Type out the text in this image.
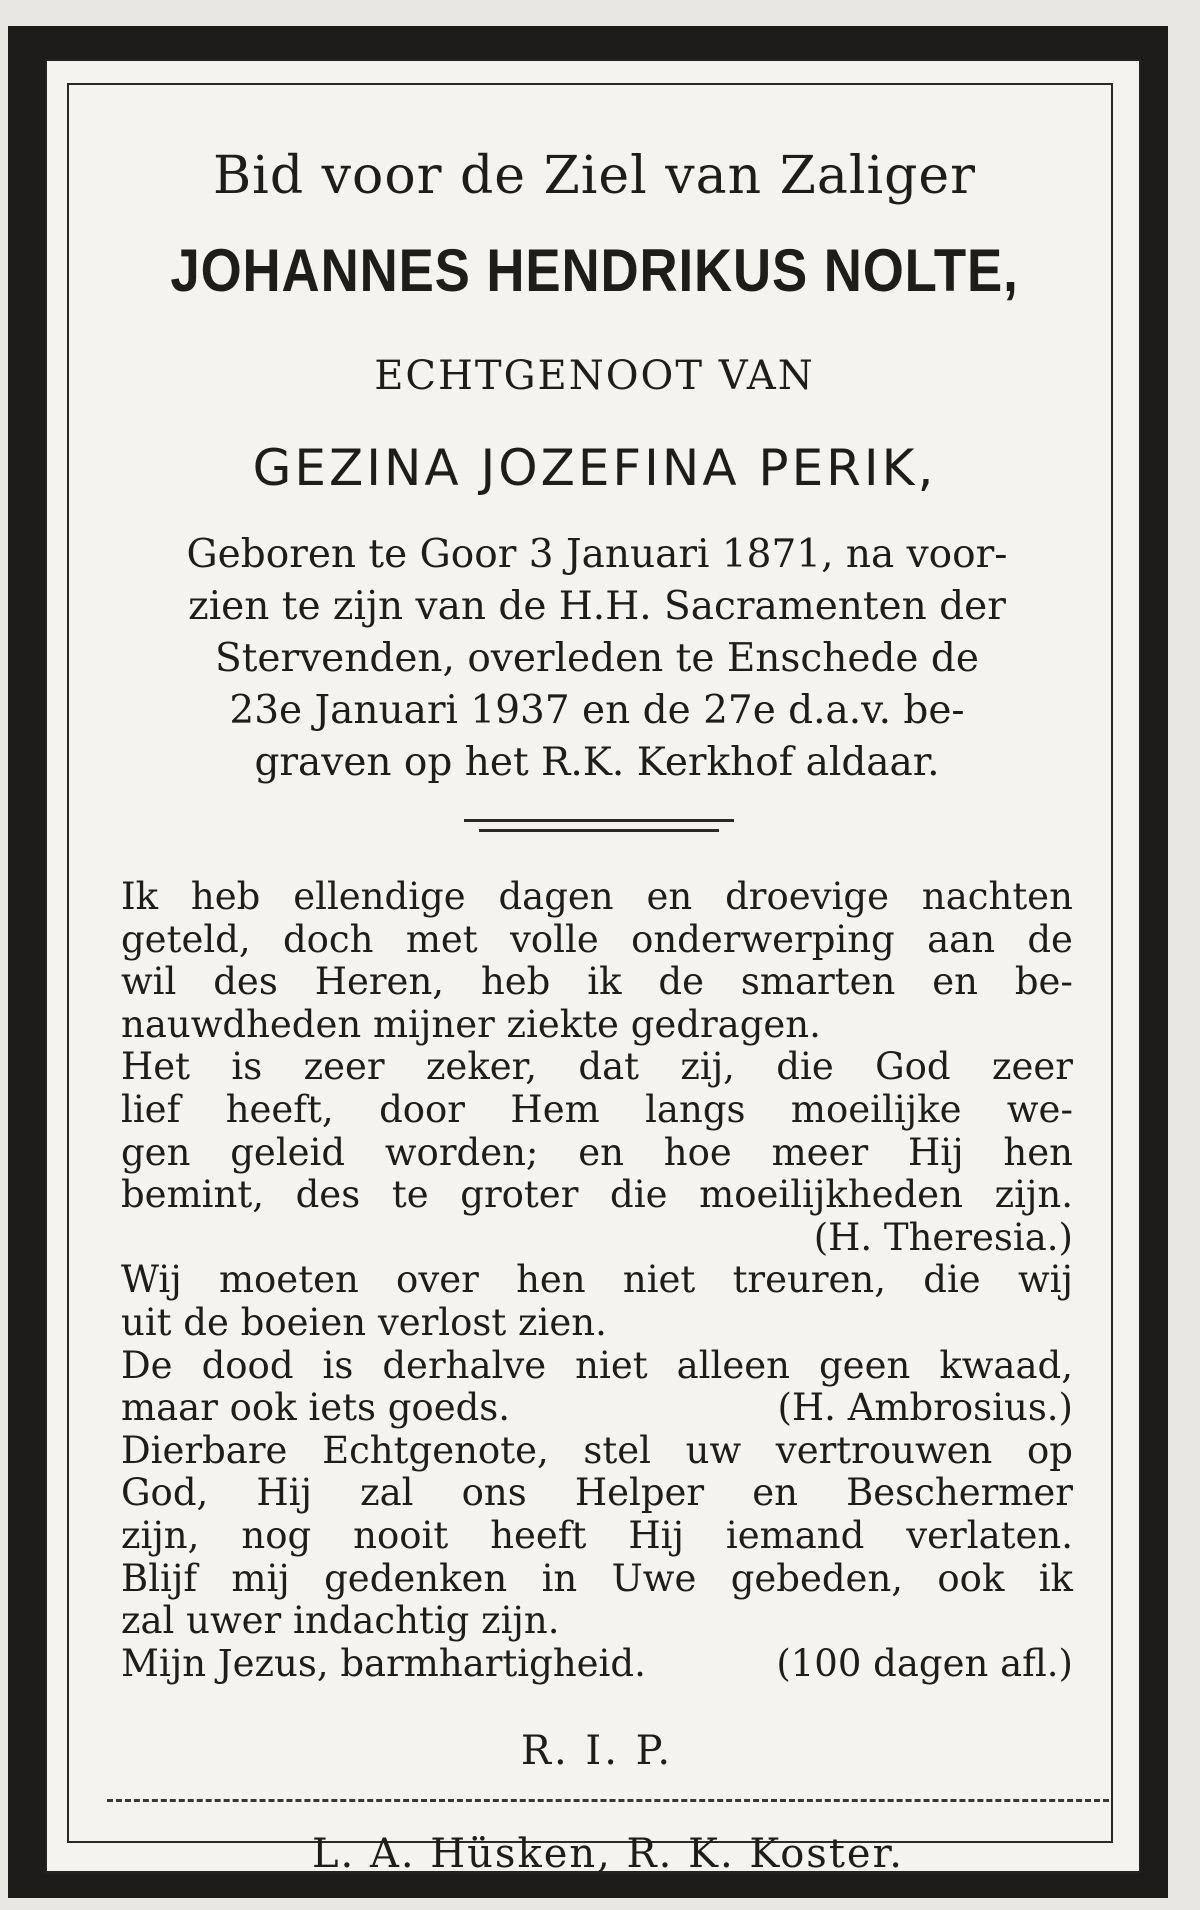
Bid voor de Ziel van Zaliger
JOHANNES HENDRIKUS NOLTE,
ECHTGENOOT VAN
GEZINA JOZEFINA PERIK,
Geboren te Goor 3 Januari 1871, na voor-
zien te zijn van de H.H. Sacramenten der
Stervenden, overleden te Enschede de
23e Januari 1937 en de 27e d.a.v. be-
graven op het R.K. Kerkhof aldaar.
Ik heb ellendige dagen en droevige nachten
geteld, doch met volle onderwerping aan de
wil des Heren, heb ik de smarten en be-
nauwdheden mijner ziekte gedragen.
Het is zeer zeker, dat zij, die God zeer
lief heeft, door Hem langs moeilijke we-
gen geleid worden; en hoe meer Hij hen
bemint, des te groter die moeilijkheden zijn.
(H. Theresia.)
Wij moeten over hen niet treuren, die wij
uit de boeien verlost zien.
De dood is derhalve niet alleen geen kwaad,
maar ook iets goeds.	(H. Ambrosius.)
Dierbare Echtgenote, stel uw vertrouwen op
God, Hij zal ons Helper en Beschermer
zijn, nog nooit heeft Hij iemand verlaten.
Blijf mij gedenken in Uwe gebeden, ook ik
zal uwer indachtig zijn.
Mijn Jezus, barmhartigheid.	(100 dagen afl.)
R. I. P.
L. A. Hüsken, R. K. Koster.
